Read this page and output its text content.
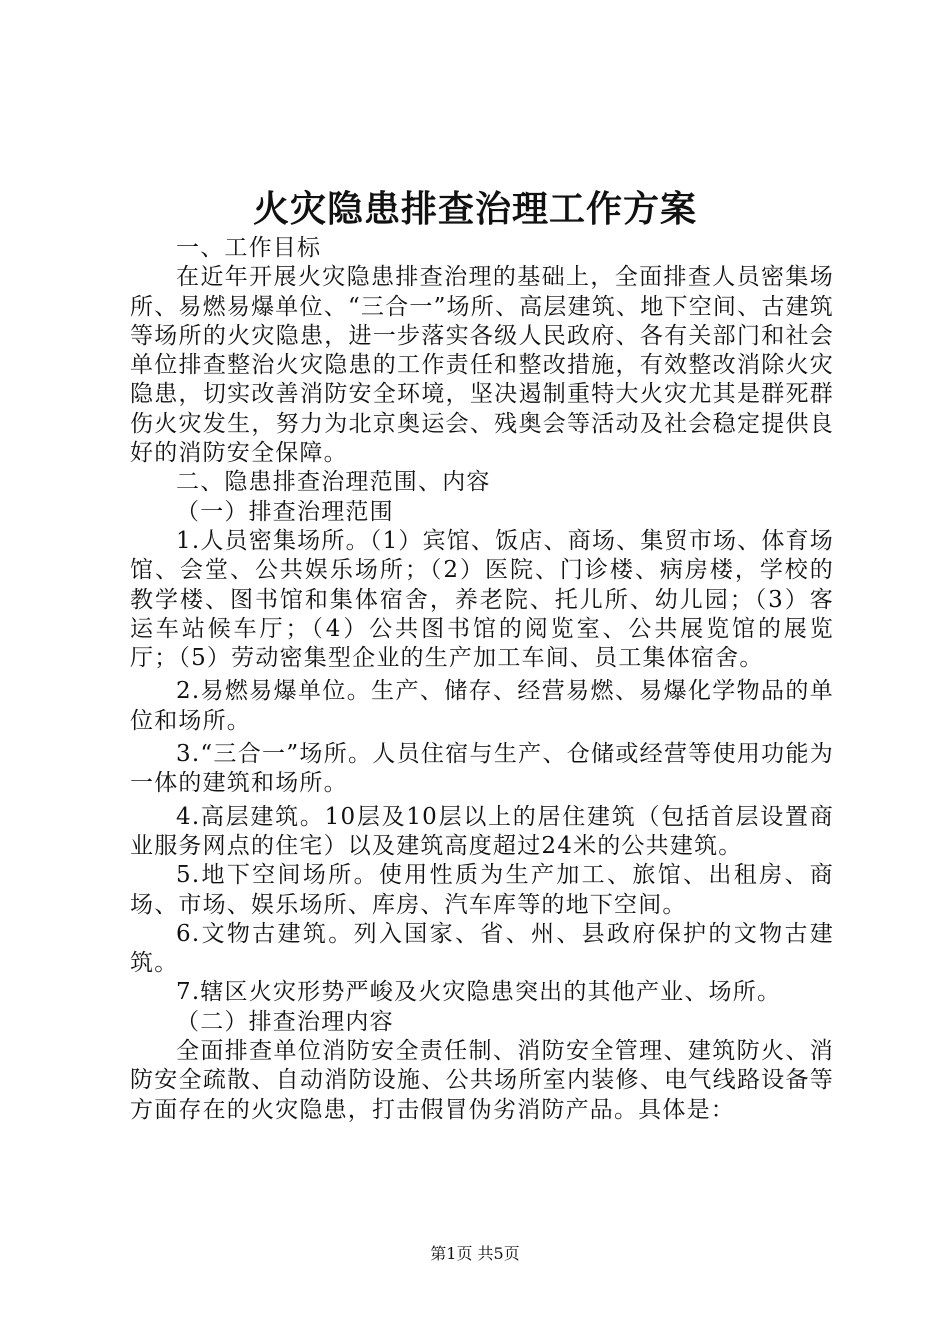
火灾隐患排查治理工作方案

一、工作目标

在近年开展火灾隐患排查治理的基础上，全面排查人员密集场所、易燃易爆单位、“三合一”场所、高层建筑、地下空间、古建筑等场所的火灾隐患，进一步落实各级人民政府、各有关部门和社会单位排查整治火灾隐患的工作责任和整改措施，有效整改消除火灾隐患，切实改善消防安全环境，坚决遏制重特大火灾尤其是群死群伤火灾发生，努力为北京奥运会、残奥会等活动及社会稳定提供良好的消防安全保障。

二、隐患排查治理范围、内容

（一）排查治理范围

1.人员密集场所。（1）宾馆、饭店、商场、集贸市场、体育场馆、会堂、公共娱乐场所；（2）医院、门诊楼、病房楼，学校的教学楼、图书馆和集体宿舍，养老院、托儿所、幼儿园；（3）客运车站候车厅；（4）公共图书馆的阅览室、公共展览馆的展览厅；（5）劳动密集型企业的生产加工车间、员工集体宿舍。

2.易燃易爆单位。生产、储存、经营易燃、易爆化学物品的单位和场所。

3.“三合一”场所。人员住宿与生产、仓储或经营等使用功能为一体的建筑和场所。

4.高层建筑。10层及10层以上的居住建筑（包括首层设置商业服务网点的住宅）以及建筑高度超过24米的公共建筑。

5.地下空间场所。使用性质为生产加工、旅馆、出租房、商场、市场、娱乐场所、库房、汽车库等的地下空间。

6.文物古建筑。列入国家、省、州、县政府保护的文物古建筑。

7.辖区火灾形势严峻及火灾隐患突出的其他产业、场所。

（二）排查治理内容

全面排查单位消防安全责任制、消防安全管理、建筑防火、消防安全疏散、自动消防设施、公共场所室内装修、电气线路设备等方面存在的火灾隐患，打击假冒伪劣消防产品。具体是：

第1页 共5页
